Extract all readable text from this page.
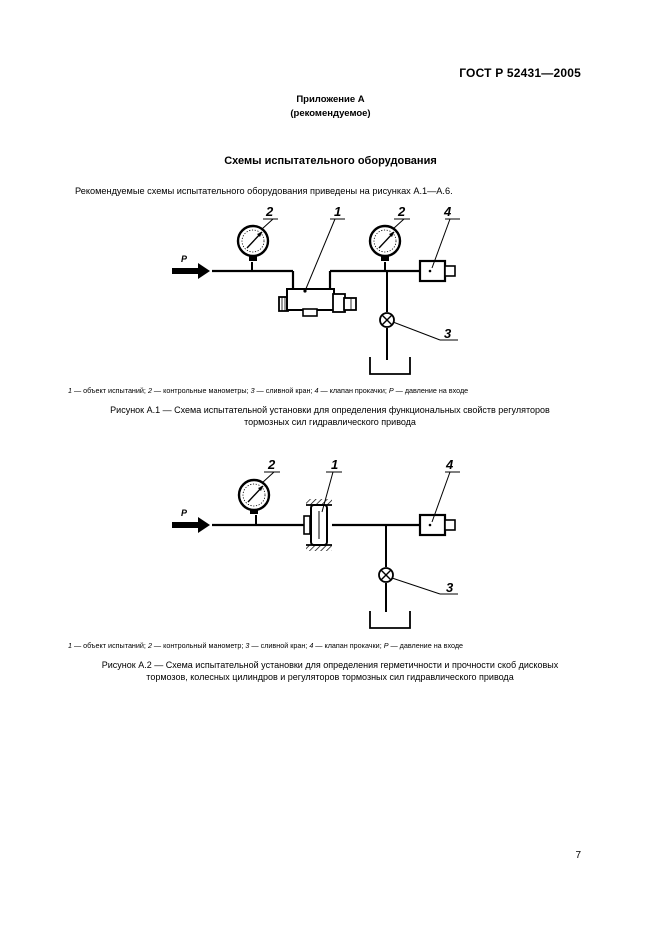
ГОСТ Р 52431—2005
Приложение А
(рекомендуемое)
Схемы испытательного оборудования
Рекомендуемые схемы испытательного оборудования приведены на рисунках А.1—А.6.
P
2	1	2	4
3
1 — объект испытаний; 2 — контрольные манометры; 3 — сливной кран; 4 — клапан прокачки; P — давление на входе
Рисунок А.1 — Схема испытательной установки для определения функциональных свойств регуляторов
тормозных сил гидравлического привода
P
2	1	4
3
1 — объект испытаний; 2 — контрольный манометр; 3 — сливной кран; 4 — клапан прокачки; P — давление на входе
Рисунок А.2 — Схема испытательной установки для определения герметичности и прочности скоб дисковых
тормозов, колесных цилиндров и регуляторов тормозных сил гидравлического привода
7
